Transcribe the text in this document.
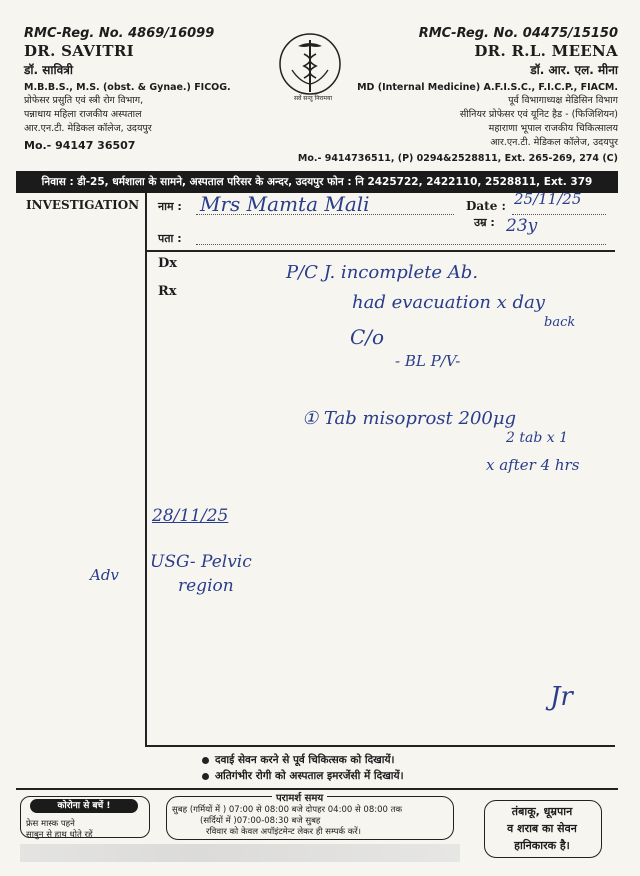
RMC-Reg. No. 4869/16099
DR. SAVITRI
डॉ. सावित्री
M.B.B.S., M.S. (obst. & Gynae.) FICOG.
प्रोफेसर प्रसुति एवं स्त्री रोग विभाग,
पन्नाधाय महिला राजकीय अस्पताल
आर.एन.टी. मेडिकल कॉलेज, उदयपुर
Mo.- 94147 36507
सर्वे सन्तु निरामया
RMC-Reg. No. 04475/15150
DR. R.L. MEENA
डॉ. आर. एल. मीना
MD (Internal Medicine) A.F.I.S.C., F.I.C.P., FIACM.
पूर्व विभागाध्यक्ष मेडिसिन विभाग
सीनियर प्रोफेसर एवं यूनिट हैड - (फिजिशियन)
महाराणा भूपाल राजकीय चिकित्सालय
आर.एन.टी. मेडिकल कॉलेज, उदयपुर
Mo.- 9414736511, (P) 0294&2528811, Ext. 265-269, 274 (C)
निवास : डी-25, धर्मशाला के सामने, अस्पताल परिसर के अन्दर, उदयपुर फोन : नि 2425722, 2422110, 2528811, Ext. 379
INVESTIGATION नाम :
पता :
Date :
उम्र :
Dx
Rx
Mrs Mamta Mali	25/11/25
23y
P/C J. incomplete Ab.
had evacuation x day
back
C/o
- BL P/V-
① Tab misoprost 200μg
2 tab x 1
x after 4 hrs
28/11/25
USG- Pelvic
region
Adv
Jr
दवाई सेवन करने से पूर्व चिकित्सक को दिखायें।
अतिगंभीर रोगी को अस्पताल इमरजेंसी में दिखायें।
कोरोना से बचें !
फ्रेस मास्क पहने
साबुन से हाथ धोते रहें
परामर्श समय
सुबह (गर्मियों में ) 07:00 से 08:00 बजे दोपहर 04:00 से 08:00 तक
(सर्दियों में )07:00-08:30 बजे सुबह
रविवार को केवल अपॉइंटमेन्ट लेकर ही सम्पर्क करें।
तंबाकू, धूम्रपान
व शराब का सेवन
हानिकारक है।
